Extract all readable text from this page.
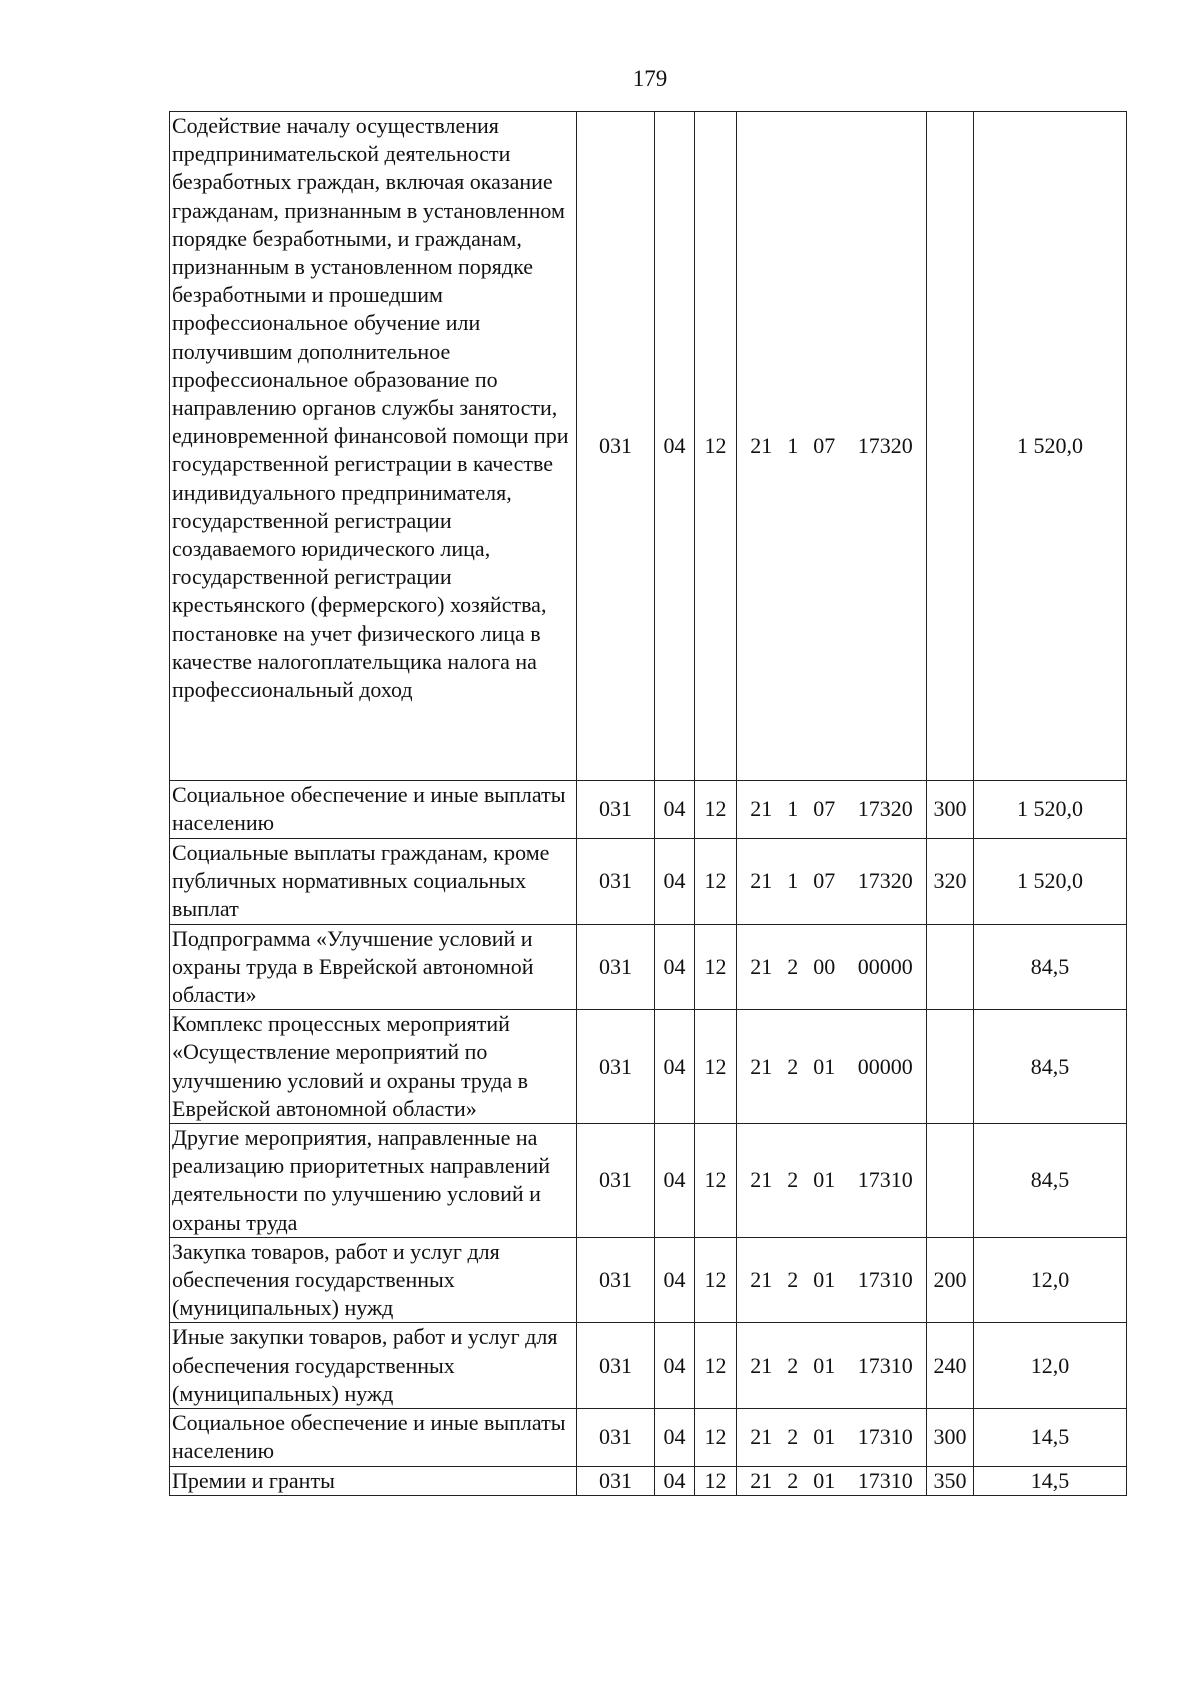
179
Содействие началу осуществления предпринимательской деятельности безработных граждан, включая оказание гражданам, признанным в установленном порядке безработными, и гражданам, признанным в установленном порядке безработными и прошедшим профессиональное обучение или получившим дополнительное профессиональное образование по направлению органов службы занятости, единовременной финансовой помощи при государственной регистрации в качестве индивидуального предпринимателя, государственной регистрации создаваемого юридического лица, государственной регистрации крестьянского (фермерского) хозяйства, постановке на учет физического лица в качестве налогоплательщика налога на профессиональный доход	031	04	12	21  1  07   17320		1 520,0

Социальное обеспечение и иные выплаты населению	031	04	12	21  1  07   17320	300	1 520,0

Социальные выплаты гражданам, кроме публичных нормативных социальных выплат	031	04	12	21  1  07   17320	320	1 520,0

Подпрограмма «Улучшение условий и охраны труда в Еврейской автономной области»	031	04	12	21  2  00   00000		84,5

Комплекс процессных мероприятий «Осуществление мероприятий по улучшению условий и охраны труда в Еврейской автономной области»	031	04	12	21  2  01   00000		84,5

Другие мероприятия, направленные на реализацию приоритетных направлений деятельности по улучшению условий и охраны труда	031	04	12	21  2  01   17310		84,5

Закупка товаров, работ и услуг для обеспечения государственных (муниципальных) нужд	031	04	12	21  2  01   17310	200	12,0

Иные закупки товаров, работ и услуг для обеспечения государственных (муниципальных) нужд	031	04	12	21  2  01   17310	240	12,0

Социальное обеспечение и иные выплаты населению	031	04	12	21  2  01   17310	300	14,5

Премии и гранты	031	04	12	21  2  01   17310	350	14,5
